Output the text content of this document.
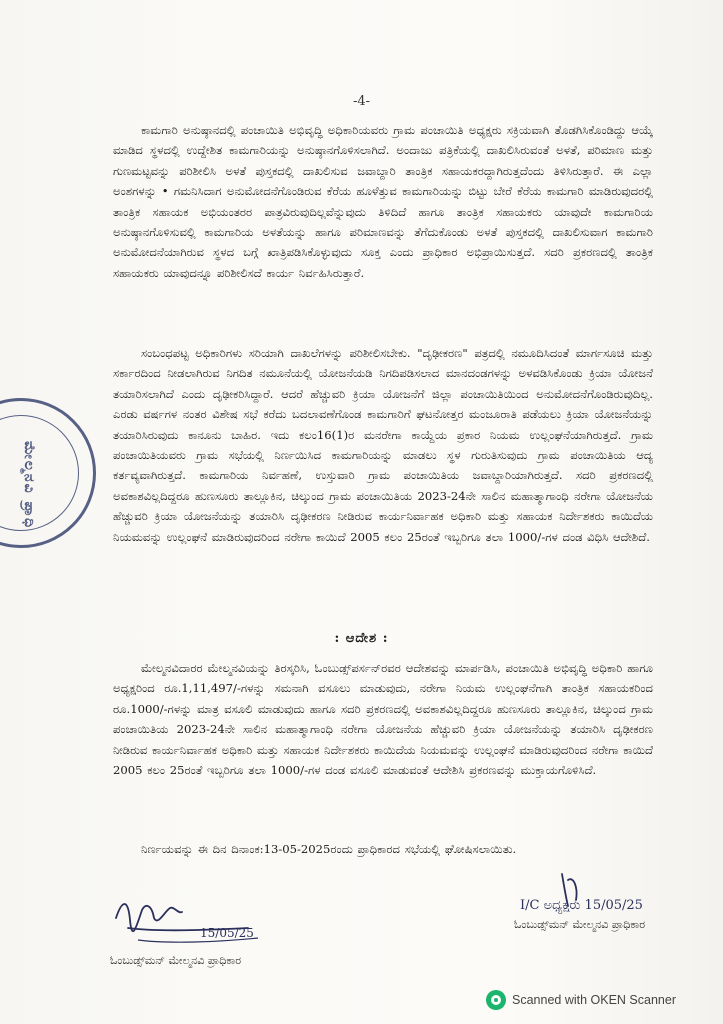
-4-
ಕಾಮಗಾರಿ ಅನುಷ್ಠಾನದಲ್ಲಿ ಪಂಚಾಯಿತಿ ಅಭಿವೃದ್ಧಿ ಅಧಿಕಾರಿಯವರು ಗ್ರಾಮ ಪಂಚಾಯಿತಿ ಅಧ್ಯಕ್ಷರು ಸಕ್ರಿಯವಾಗಿ ತೊಡಗಿಸಿಕೊಂಡಿದ್ದು ಆಯ್ಕೆ ಮಾಡಿದ ಸ್ಥಳದಲ್ಲಿ ಉದ್ದೇಶಿತ ಕಾಮಗಾರಿಯನ್ನು ಅನುಷ್ಠಾನಗೊಳಿಸಲಾಗಿದೆ. ಅಂದಾಜು ಪತ್ರಿಕೆಯಲ್ಲಿ ದಾಖಲಿಸಿರುವಂತೆ ಅಳತೆ, ಪರಿಮಾಣ ಮತ್ತು ಗುಣಮಟ್ಟವನ್ನು ಪರಿಶೀಲಿಸಿ ಅಳತೆ ಪುಸ್ತಕದಲ್ಲಿ ದಾಖಲಿಸುವ ಜವಾಬ್ದಾರಿ ತಾಂತ್ರಿಕ ಸಹಾಯಕರದ್ದಾಗಿರುತ್ತದೆಂದು ತಿಳಿಸಿರುತ್ತಾರೆ. ಈ ಎಲ್ಲಾ ಅಂಶಗಳನ್ನು • ಗಮನಿಸಿದಾಗ ಅನುಮೋದನೆಗೊಂಡಿರುವ ಕೆರೆಯ ಹೂಳೆತ್ತುವ ಕಾಮಗಾರಿಯನ್ನು ಬಿಟ್ಟು ಬೇರೆ ಕೆರೆಯ ಕಾಮಗಾರಿ ಮಾಡಿರುವುದರಲ್ಲಿ ತಾಂತ್ರಿಕ ಸಹಾಯಕ ಅಭಿಯಂತರರ ಪಾತ್ರವಿರುವುದಿಲ್ಲವೆನ್ನುವುದು ತಿಳಿದಿದೆ ಹಾಗೂ ತಾಂತ್ರಿಕ ಸಹಾಯಕರು ಯಾವುದೇ ಕಾಮಗಾರಿಯ ಅನುಷ್ಠಾನಗೊಳಿಸುವಲ್ಲಿ ಕಾಮಗಾರಿಯ ಅಳತೆಯನ್ನು ಹಾಗೂ ಪರಿಮಾಣವನ್ನು ತೆಗೆದುಕೊಂಡು ಅಳತೆ ಪುಸ್ತಕದಲ್ಲಿ ದಾಖಲಿಸುವಾಗ ಕಾಮಗಾರಿ ಅನುಮೋದನೆಯಾಗಿರುವ ಸ್ಥಳದ ಬಗ್ಗೆ ಖಾತ್ರಿಪಡಿಸಿಕೊಳ್ಳುವುದು ಸೂಕ್ತ ಎಂದು ಪ್ರಾಧಿಕಾರ ಅಭಿಪ್ರಾಯಿಸುತ್ತದೆ. ಸದರಿ ಪ್ರಕರಣದಲ್ಲಿ ತಾಂತ್ರಿಕ ಸಹಾಯಕರು ಯಾವುದನ್ನೂ ಪರಿಶೀಲಿಸದೆ ಕಾರ್ಯ ನಿರ್ವಹಿಸಿರುತ್ತಾರೆ.
ಸಂಬಂಧಪಟ್ಟ ಅಧಿಕಾರಿಗಳು ಸರಿಯಾಗಿ ದಾಖಲೆಗಳನ್ನು ಪರಿಶೀಲಿಸಬೇಕು. "ದೃಢೀಕರಣ" ಪತ್ರದಲ್ಲಿ ನಮೂದಿಸಿದಂತೆ ಮಾರ್ಗಸೂಚಿ ಮತ್ತು ಸರ್ಕಾರದಿಂದ ನೀಡಲಾಗಿರುವ ನಿಗದಿತ ನಮೂನೆಯಲ್ಲಿ ಯೋಜನೆಯಡಿ ನಿಗದಿಪಡಿಸಲಾದ ಮಾನದಂಡಗಳನ್ನು ಅಳವಡಿಸಿಕೊಂಡು ಕ್ರಿಯಾ ಯೋಜನೆ ತಯಾರಿಸಲಾಗಿದೆ ಎಂದು ದೃಢೀಕರಿಸಿದ್ದಾರೆ. ಆದರೆ ಹೆಚ್ಚುವರಿ ಕ್ರಿಯಾ ಯೋಜನೆಗೆ ಜಿಲ್ಲಾ ಪಂಚಾಯಿತಿಯಿಂದ ಅನುಮೋದನೆಗೊಂಡಿರುವುದಿಲ್ಲ. ಎರಡು ವರ್ಷಗಳ ನಂತರ ವಿಶೇಷ ಸಭೆ ಕರೆದು ಬದಲಾವಣೆಗೊಂಡ ಕಾಮಗಾರಿಗೆ ಘಟನೋತ್ತರ ಮಂಜೂರಾತಿ ಪಡೆಯಲು ಕ್ರಿಯಾ ಯೋಜನೆಯನ್ನು ತಯಾರಿಸಿರುವುದು ಕಾನೂನು ಬಾಹಿರ. ಇದು ಕಲಂ16(1)ರ ಮನರೇಗಾ ಕಾಯ್ದೆಯ ಪ್ರಕಾರ ನಿಯಮ ಉಲ್ಲಂಘನೆಯಾಗಿರುತ್ತದೆ. ಗ್ರಾಮ ಪಂಚಾಯಿತಿಯವರು ಗ್ರಾಮ ಸಭೆಯಲ್ಲಿ ನಿರ್ಣಯಿಸಿದ ಕಾಮಗಾರಿಯನ್ನು ಮಾಡಲು ಸ್ಥಳ ಗುರುತಿಸುವುದು ಗ್ರಾಮ ಪಂಚಾಯಿತಿಯ ಆದ್ಯ ಕರ್ತವ್ಯವಾಗಿರುತ್ತದೆ. ಕಾಮಗಾರಿಯ ನಿರ್ವಹಣೆ, ಉಸ್ತುವಾರಿ ಗ್ರಾಮ ಪಂಚಾಯಿತಿಯ ಜವಾಬ್ದಾರಿಯಾಗಿರುತ್ತದೆ. ಸದರಿ ಪ್ರಕರಣದಲ್ಲಿ ಅವಕಾಶವಿಲ್ಲದಿದ್ದರೂ ಹುಣಸೂರು ತಾಲ್ಲೂಕಿನ, ಚಿಲ್ಕುಂದ ಗ್ರಾಮ ಪಂಚಾಯಿತಿಯ 2023-24ನೇ ಸಾಲಿನ ಮಹಾತ್ಮಾಗಾಂಧಿ ನರೇಗಾ ಯೋಜನೆಯ ಹೆಚ್ಚುವರಿ ಕ್ರಿಯಾ ಯೋಜನೆಯನ್ನು ತಯಾರಿಸಿ ದೃಢೀಕರಣ ನೀಡಿರುವ ಕಾರ್ಯನಿರ್ವಾಹಕ ಅಧಿಕಾರಿ ಮತ್ತು ಸಹಾಯಕ ನಿರ್ದೇಶಕರು ಕಾಯಿದೆಯ ನಿಯಮವನ್ನು ಉಲ್ಲಂಘನೆ ಮಾಡಿರುವುದರಿಂದ ನರೇಗಾ ಕಾಯಿದೆ 2005 ಕಲಂ 25ರಂತೆ ಇಬ್ಬರಿಗೂ ತಲಾ 1000/-ಗಳ ದಂಡ ವಿಧಿಸಿ ಆದೇಶಿದೆ.
: ಆದೇಶ :
ಮೇಲ್ಮನವಿದಾರರ ಮೇಲ್ಮನವಿಯನ್ನು ತಿರಸ್ಕರಿಸಿ, ಓಂಬುಡ್ಸ್‌ಪರ್ಸನ್‌ರವರ ಆದೇಶವನ್ನು ಮಾರ್ಪಡಿಸಿ, ಪಂಚಾಯಿತಿ ಅಭಿವೃದ್ಧಿ ಅಧಿಕಾರಿ ಹಾಗೂ ಅಧ್ಯಕ್ಷರಿಂದ ರೂ.1,11,497/-ಗಳನ್ನು ಸಮನಾಗಿ ವಸೂಲು ಮಾಡುವುದು, ನರೇಗಾ ನಿಯಮ ಉಲ್ಲಂಘನೆಗಾಗಿ ತಾಂತ್ರಿಕ ಸಹಾಯಕರಿಂದ ರೂ.1000/-ಗಳನ್ನು ಮಾತ್ರ ವಸೂಲಿ ಮಾಡುವುದು ಹಾಗೂ ಸದರಿ ಪ್ರಕರಣದಲ್ಲಿ ಅವಕಾಶವಿಲ್ಲದಿದ್ದರೂ ಹುಣಸೂರು ತಾಲ್ಲೂಕಿನ, ಚಿಲ್ಕುಂದ ಗ್ರಾಮ ಪಂಚಾಯಿತಿಯ 2023-24ನೇ ಸಾಲಿನ ಮಹಾತ್ಮಾಗಾಂಧಿ ನರೇಗಾ ಯೋಜನೆಯ ಹೆಚ್ಚುವರಿ ಕ್ರಿಯಾ ಯೋಜನೆಯನ್ನು ತಯಾರಿಸಿ ದೃಢೀಕರಣ ನೀಡಿರುವ ಕಾರ್ಯನಿರ್ವಾಹಕ ಅಧಿಕಾರಿ ಮತ್ತು ಸಹಾಯಕ ನಿರ್ದೇಶಕರು ಕಾಯಿದೆಯ ನಿಯಮವನ್ನು ಉಲ್ಲಂಘನೆ ಮಾಡಿರುವುದರಿಂದ ನರೇಗಾ ಕಾಯಿದೆ 2005 ಕಲಂ 25ರಂತೆ ಇಬ್ಬರಿಗೂ ತಲಾ 1000/-ಗಳ ದಂಡ ವಸೂಲಿ ಮಾಡುವಂತೆ ಆದೇಶಿಸಿ ಪ್ರಕರಣವನ್ನು ಮುಕ್ತಾಯಗೊಳಿಸಿದೆ.
ನಿರ್ಣಯವನ್ನು ಈ ದಿನ ದಿನಾಂಕ:13-05-2025ರಂದು ಪ್ರಾಧಿಕಾರದ ಸಭೆಯಲ್ಲಿ ಘೋಷಿಸಲಾಯಿತು.
ಮೇಲ್ಮನವಿ ಪ್ರಾಧಿ
15/05/25
ಓಂಬುಡ್ಸ್‌ಮನ್ ಮೇಲ್ಮನವಿ ಪ್ರಾಧಿಕಾರ
I/C ಅಧ್ಯಕ್ಷರು 15/05/25
ಓಂಬುಡ್ಸ್‌ಮನ್ ಮೇಲ್ಮನವಿ ಪ್ರಾಧಿಕಾರ
Scanned with OKEN Scanner
